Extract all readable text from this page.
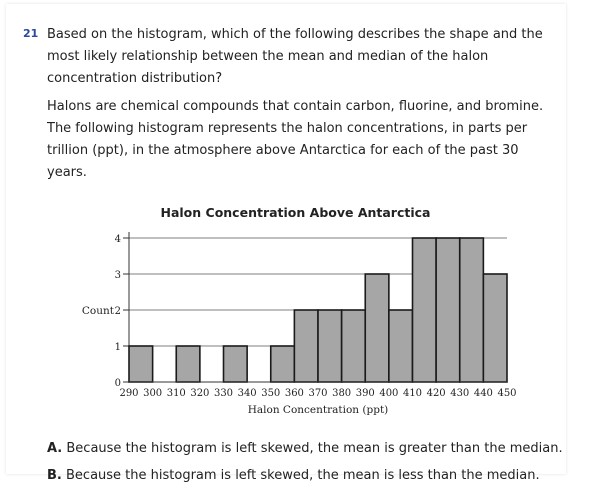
21 Based on the histogram, which of the following describes the shape and the most likely relationship between the mean and median of the halon concentration distribution?
Halons are chemical compounds that contain carbon, fluorine, and bromine. The following histogram represents the halon concentrations, in parts per trillion (ppt), in the atmosphere above Antarctica for each of the past 30 years.
Halon Concentration Above Antarctica
0
1
2
3
4
Count
290 300 310 320 330 340 350 360 370 380 390 400 410 420 430 440 450
Halon Concentration (ppt)
A. Because the histogram is left skewed, the mean is greater than the median.
B. Because the histogram is left skewed, the mean is less than the median.
